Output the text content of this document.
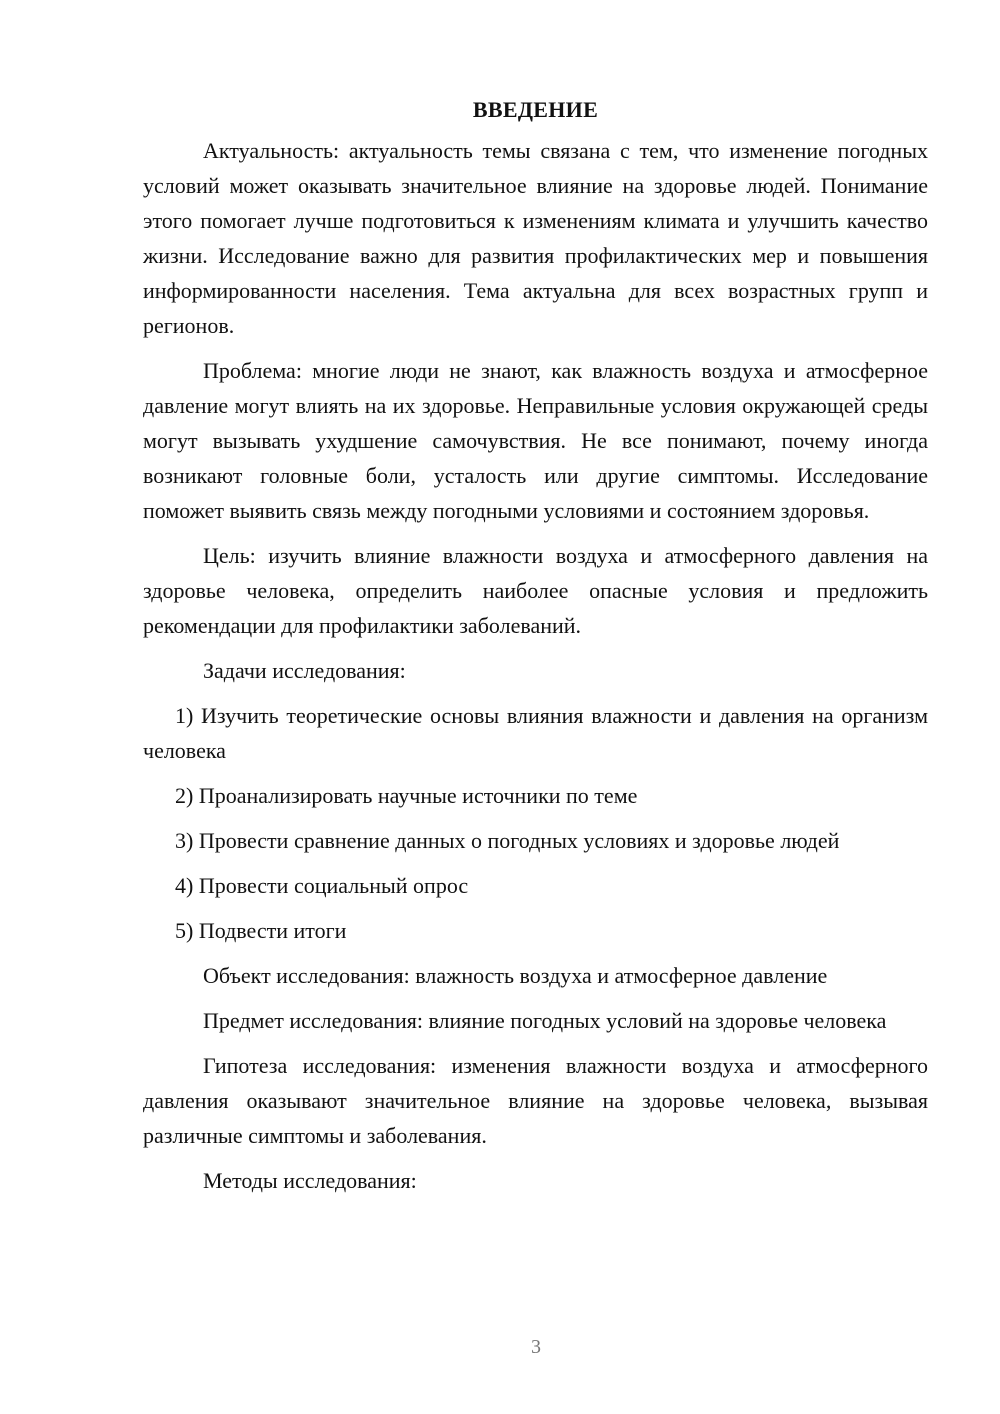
ВВЕДЕНИЕ

Актуальность: актуальность темы связана с тем, что изменение погодных условий может оказывать значительное влияние на здоровье людей. Понимание этого помогает лучше подготовиться к изменениям климата и улучшить качество жизни. Исследование важно для развития профилактических мер и повышения информированности населения. Тема актуальна для всех возрастных групп и регионов.

Проблема: многие люди не знают, как влажность воздуха и атмосферное давление могут влиять на их здоровье. Неправильные условия окружающей среды могут вызывать ухудшение самочувствия. Не все понимают, почему иногда возникают головные боли, усталость или другие симптомы. Исследование поможет выявить связь между погодными условиями и состоянием здоровья.

Цель: изучить влияние влажности воздуха и атмосферного давления на здоровье человека, определить наиболее опасные условия и предложить рекомендации для профилактики заболеваний.

Задачи исследования:

1) Изучить теоретические основы влияния влажности и давления на организм человека

2) Проанализировать научные источники по теме

3) Провести сравнение данных о погодных условиях и здоровье людей

4) Провести социальный опрос

5) Подвести итоги

Объект исследования: влажность воздуха и атмосферное давление

Предмет исследования: влияние погодных условий на здоровье человека

Гипотеза исследования: изменения влажности воздуха и атмосферного давления оказывают значительное влияние на здоровье человека, вызывая различные симптомы и заболевания.

Методы исследования:

3
